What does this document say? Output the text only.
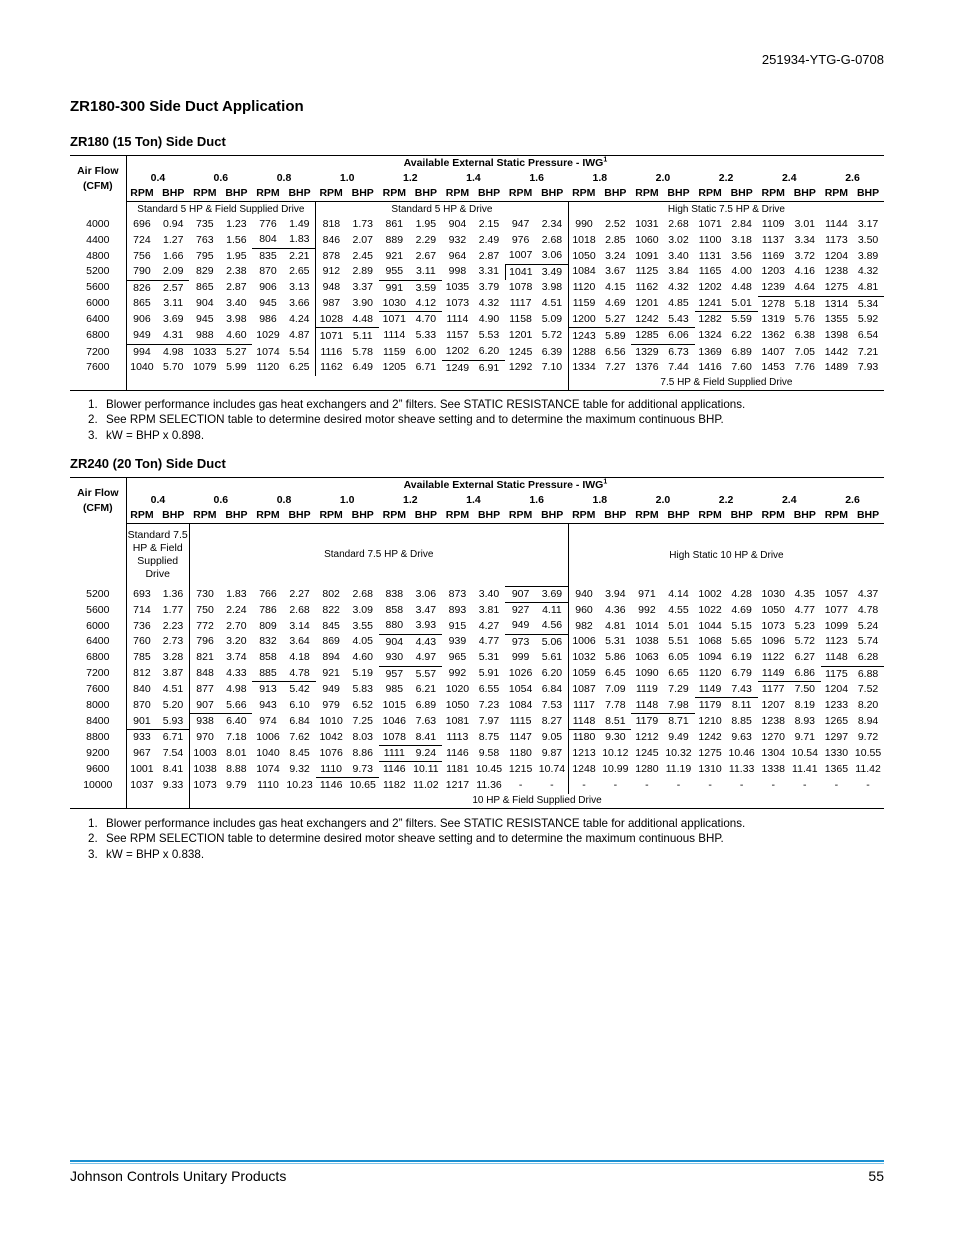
251934-YTG-G-0708
ZR180-300 Side Duct Application
ZR180 (15 Ton) Side Duct
Air Flow
(CFM)	Available External Static Pressure - IWG$^1$
	0.4		0.6		0.8		1.0		1.2		1.4		1.6		1.8		2.0		2.2		2.4		2.6	
	RPM	BHP	RPM	BHP	RPM	BHP	RPM	BHP	RPM	BHP	RPM	BHP	RPM	BHP	RPM	BHP	RPM	BHP	RPM	BHP	RPM	BHP	RPM	BHP
	Standard 5 HP & Field Supplied Drive						Standard 5 HP & Drive								High Static 7.5 HP & Drive									
4000	696	0.94	735	1.23	776	1.49	818	1.73	861	1.95	904	2.15	947	2.34	990	2.52	1031	2.68	1071	2.84	1109	3.01	1144	3.17
4400	724	1.27	763	1.56	804	1.83	846	2.07	889	2.29	932	2.49	976	2.68	1018	2.85	1060	3.02	1100	3.18	1137	3.34	1173	3.50
4800	756	1.66	795	1.95	835	2.21	878	2.45	921	2.67	964	2.87	1007	3.06	1050	3.24	1091	3.40	1131	3.56	1169	3.72	1204	3.89
5200	790	2.09	829	2.38	870	2.65	912	2.89	955	3.11	998	3.31	1041	3.49	1084	3.67	1125	3.84	1165	4.00	1203	4.16	1238	4.32
5600	826	2.57	865	2.87	906	3.13	948	3.37	991	3.59	1035	3.79	1078	3.98	1120	4.15	1162	4.32	1202	4.48	1239	4.64	1275	4.81
6000	865	3.11	904	3.40	945	3.66	987	3.90	1030	4.12	1073	4.32	1117	4.51	1159	4.69	1201	4.85	1241	5.01	1278	5.18	1314	5.34
6400	906	3.69	945	3.98	986	4.24	1028	4.48	1071	4.70	1114	4.90	1158	5.09	1200	5.27	1242	5.43	1282	5.59	1319	5.76	1355	5.92
6800	949	4.31	988	4.60	1029	4.87	1071	5.11	1114	5.33	1157	5.53	1201	5.72	1243	5.89	1285	6.06	1324	6.22	1362	6.38	1398	6.54
7200	994	4.98	1033	5.27	1074	5.54	1116	5.78	1159	6.00	1202	6.20	1245	6.39	1288	6.56	1329	6.73	1369	6.89	1407	7.05	1442	7.21
7600	1040	5.70	1079	5.99	1120	6.25	1162	6.49	1205	6.71	1249	6.91	1292	7.10	1334	7.27	1376	7.44	1416	7.60	1453	7.76	1489	7.93
															7.5 HP & Field Supplied Drive									
1. Blower performance includes gas heat exchangers and 2” filters. See STATIC RESISTANCE table for additional applications.
2. See RPM SELECTION table to determine desired motor sheave setting and to determine the maximum continuous BHP.
3. kW = BHP x 0.898.
ZR240 (20 Ton) Side Duct
Air Flow
(CFM)	Available External Static Pressure - IWG$^1$
	0.4		0.6		0.8		1.0		1.2		1.4		1.6		1.8		2.0		2.2		2.4		2.6	
	RPM	BHP	RPM	BHP	RPM	BHP	RPM	BHP	RPM	BHP	RPM	BHP	RPM	BHP	RPM	BHP	RPM	BHP	RPM	BHP	RPM	BHP	RPM	BHP
	Standard 7.5 HP & Field Supplied Drive		Standard 7.5 HP & Drive												High Static 10 HP & Drive									
5200	693	1.36	730	1.83	766	2.27	802	2.68	838	3.06	873	3.40	907	3.69	940	3.94	971	4.14	1002	4.28	1030	4.35	1057	4.37
5600	714	1.77	750	2.24	786	2.68	822	3.09	858	3.47	893	3.81	927	4.11	960	4.36	992	4.55	1022	4.69	1050	4.77	1077	4.78
6000	736	2.23	772	2.70	809	3.14	845	3.55	880	3.93	915	4.27	949	4.56	982	4.81	1014	5.01	1044	5.15	1073	5.23	1099	5.24
6400	760	2.73	796	3.20	832	3.64	869	4.05	904	4.43	939	4.77	973	5.06	1006	5.31	1038	5.51	1068	5.65	1096	5.72	1123	5.74
6800	785	3.28	821	3.74	858	4.18	894	4.60	930	4.97	965	5.31	999	5.61	1032	5.86	1063	6.05	1094	6.19	1122	6.27	1148	6.28
7200	812	3.87	848	4.33	885	4.78	921	5.19	957	5.57	992	5.91	1026	6.20	1059	6.45	1090	6.65	1120	6.79	1149	6.86	1175	6.88
7600	840	4.51	877	4.98	913	5.42	949	5.83	985	6.21	1020	6.55	1054	6.84	1087	7.09	1119	7.29	1149	7.43	1177	7.50	1204	7.52
8000	870	5.20	907	5.66	943	6.10	979	6.52	1015	6.89	1050	7.23	1084	7.53	1117	7.78	1148	7.98	1179	8.11	1207	8.19	1233	8.20
8400	901	5.93	938	6.40	974	6.84	1010	7.25	1046	7.63	1081	7.97	1115	8.27	1148	8.51	1179	8.71	1210	8.85	1238	8.93	1265	8.94
8800	933	6.71	970	7.18	1006	7.62	1042	8.03	1078	8.41	1113	8.75	1147	9.05	1180	9.30	1212	9.49	1242	9.63	1270	9.71	1297	9.72
9200	967	7.54	1003	8.01	1040	8.45	1076	8.86	1111	9.24	1146	9.58	1180	9.87	1213	10.12	1245	10.32	1275	10.46	1304	10.54	1330	10.55
9600	1001	8.41	1038	8.88	1074	9.32	1110	9.73	1146	10.11	1181	10.45	1215	10.74	1248	10.99	1280	11.19	1310	11.33	1338	11.41	1365	11.42
10000	1037	9.33	1073	9.79	1110	10.23	1146	10.65	1182	11.02	1217	11.36	-	-	-	-	-	-	-	-	-	-	-	-
			10 HP & Field Supplied Drive																					
1. Blower performance includes gas heat exchangers and 2” filters. See STATIC RESISTANCE table for additional applications.
2. See RPM SELECTION table to determine desired motor sheave setting and to determine the maximum continuous BHP.
3. kW = BHP x 0.838.
Johnson Controls Unitary Products	55
